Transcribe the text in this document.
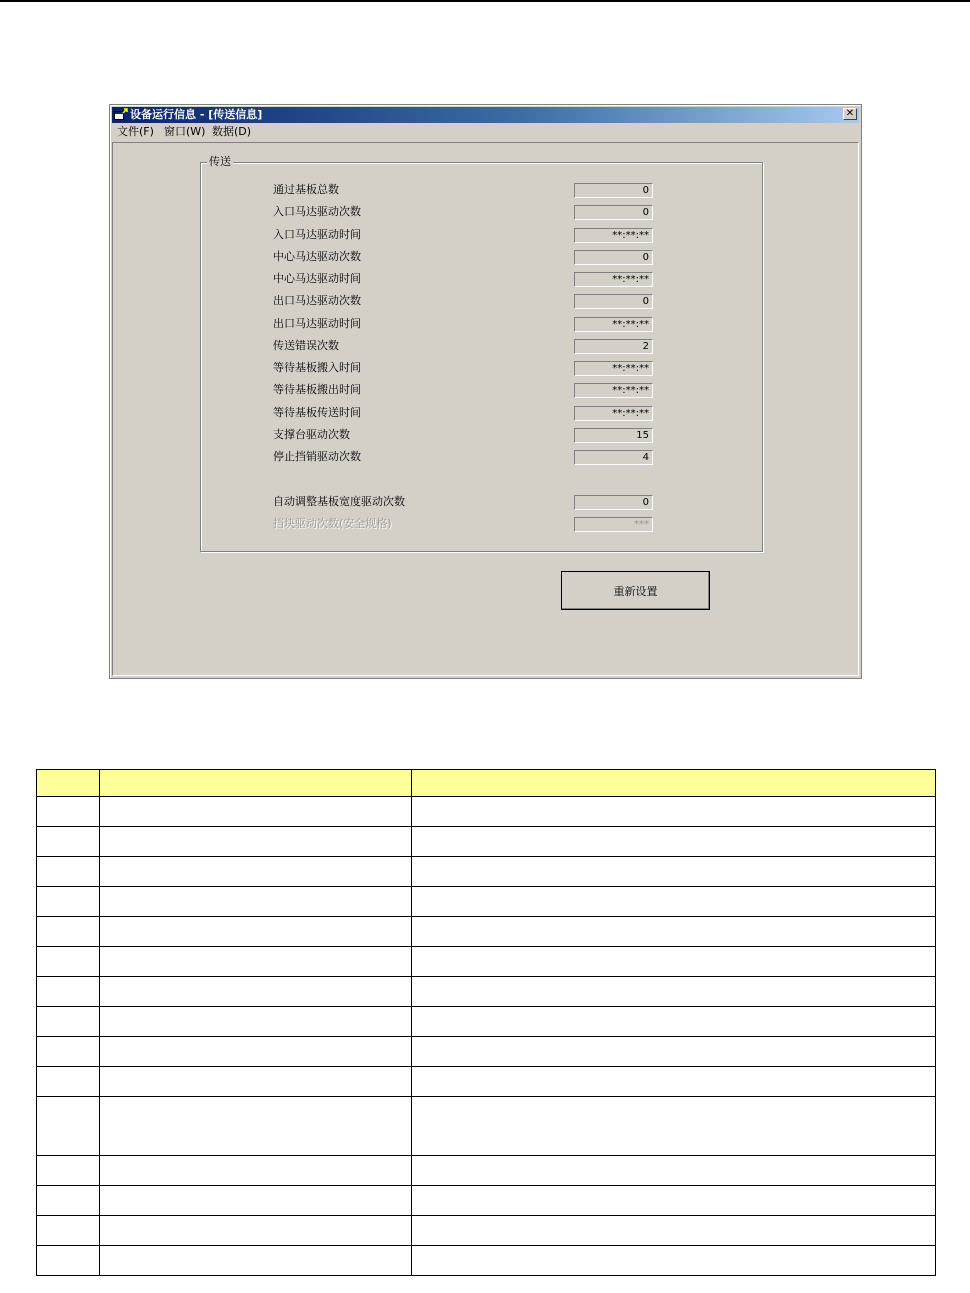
设备运行信息 - [传送信息]	✕
文件(F) 窗口(W) 数据(D)
传送
通过基板总数	0
入口马达驱动次数	0
入口马达驱动时间	**:**:**
中心马达驱动次数	0
中心马达驱动时间	**:**:**
出口马达驱动次数	0
出口马达驱动时间	**:**:**
传送错误次数	2
等待基板搬入时间	**:**:**
等待基板搬出时间	**:**:**
等待基板传送时间	**:**:**
支撑台驱动次数	15
停止挡销驱动次数	4
自动调整基板宽度驱动次数	0
挡块驱动次数(安全规格)	***
重新设置
